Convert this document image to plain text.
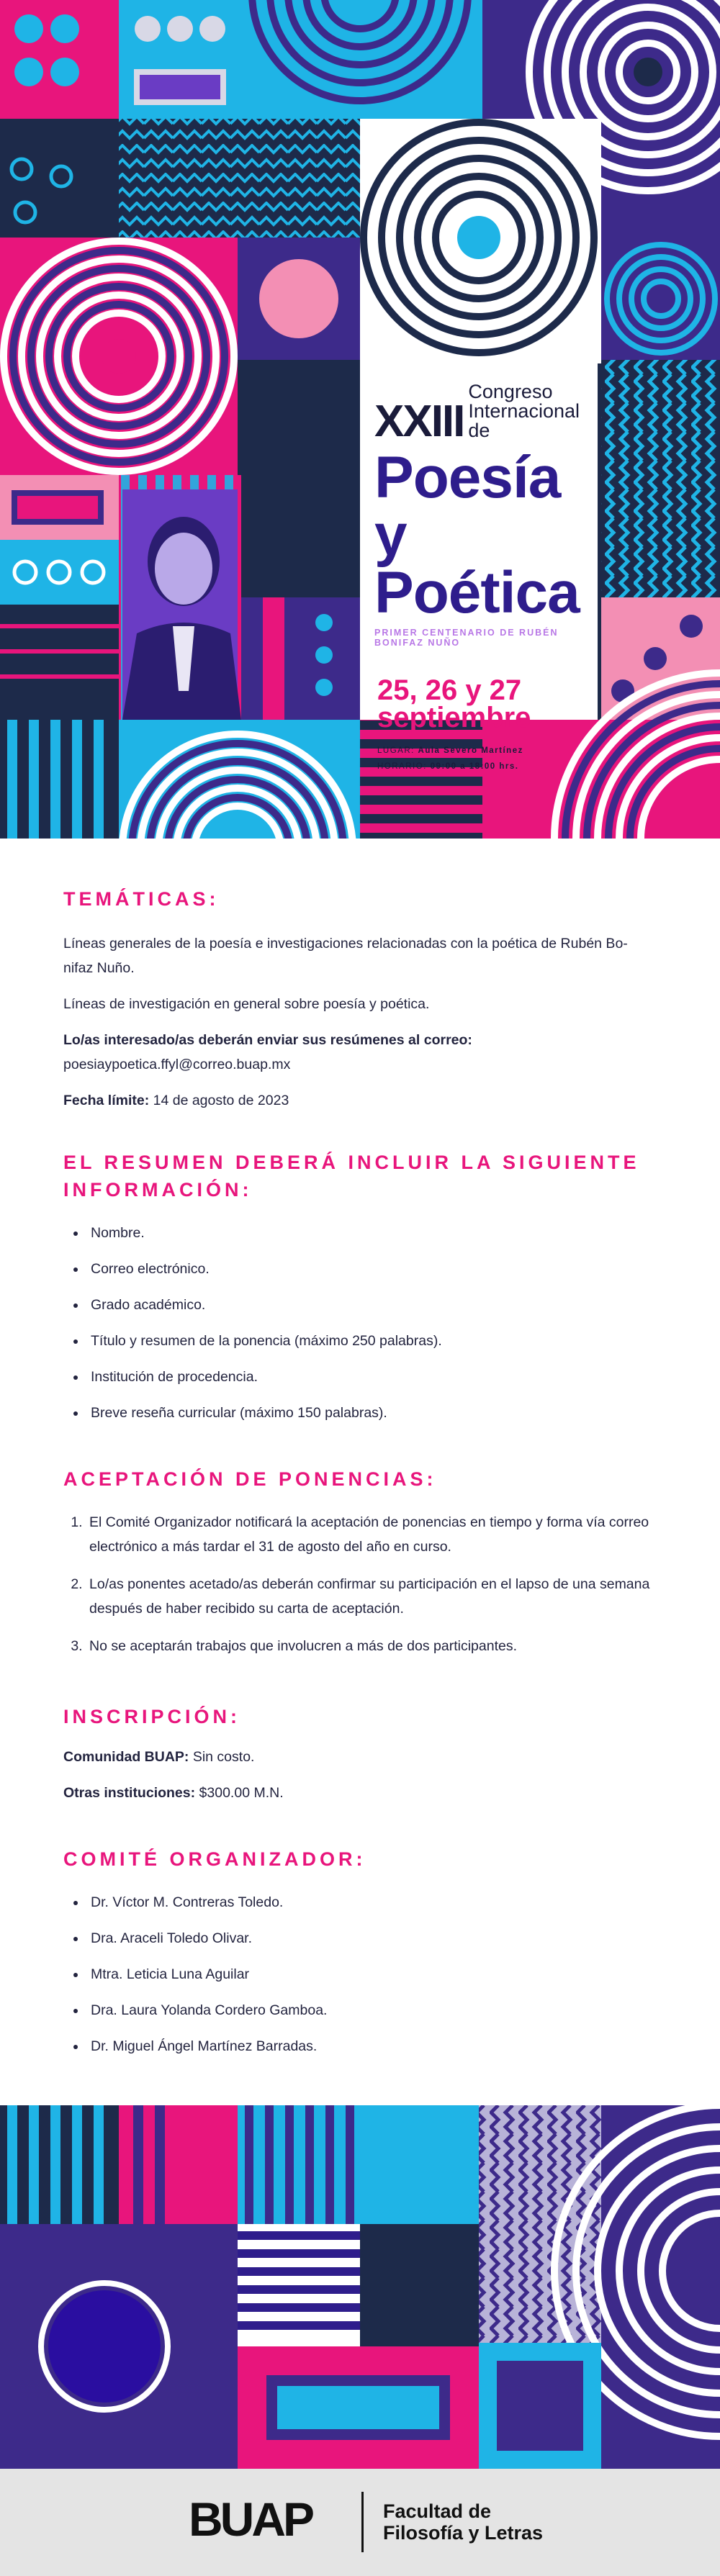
XXIII
Congreso
Internacional de
Poesía y
Poética
PRIMER CENTENARIO DE RUBÉN BONIFAZ NUÑO
25, 26 y 27
septiembre
LUGAR: Aula Severo Martínez
HORARIO: 09:00 a 18:00 hrs.
TEMÁTICAS:

Líneas generales de la poesía e investigaciones relacionadas con la poética de Rubén Bo-
nifaz Nuño.

Líneas de investigación en general sobre poesía y poética.

Lo/as interesado/as deberán enviar sus resúmenes al correo:
poesiaypoetica.ffyl@correo.buap.mx

Fecha límite: 14 de agosto de 2023

EL RESUMEN DEBERÁ INCLUIR LA SIGUIENTE
INFORMACIÓN:
• Nombre.
• Correo electrónico.
• Grado académico.
• Título y resumen de la ponencia (máximo 250 palabras).
• Institución de procedencia.
• Breve reseña curricular (máximo 150 palabras).
ACEPTACIÓN DE PONENCIAS:
1. El Comité Organizador notificará la aceptación de ponencias en tiempo y forma vía correo electrónico a más tardar el 31 de agosto del año en curso.
2. Lo/as ponentes acetado/as deberán confirmar su participación en el lapso de una semana después de haber recibido su carta de aceptación.
3. No se aceptarán trabajos que involucren a más de dos participantes.
INSCRIPCIÓN:

Comunidad BUAP: Sin costo.

Otras instituciones: $300.00 M.N.

COMITÉ ORGANIZADOR:
• Dr. Víctor M. Contreras Toledo.
• Dra. Araceli Toledo Olivar.
• Mtra. Leticia Luna Aguilar
• Dra. Laura Yolanda Cordero Gamboa.
• Dr. Miguel Ángel Martínez Barradas.
BUAP	Facultad de
Filosofía y Letras
